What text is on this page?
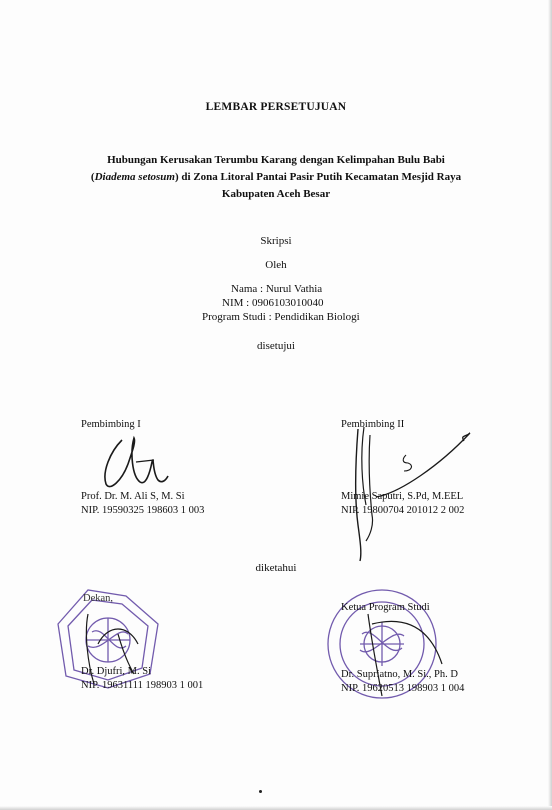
LEMBAR PERSETUJUAN
Hubungan Kerusakan Terumbu Karang dengan Kelimpahan Bulu Babi
(Diadema setosum) di Zona Litoral Pantai Pasir Putih Kecamatan Mesjid Raya
Kabupaten Aceh Besar
Skripsi
Oleh
Nama : Nurul Vathia
NIM : 0906103010040
Program Studi : Pendidikan Biologi
disetujui
Pembimbing I
Prof. Dr. M. Ali S, M. Si
NIP. 19590325 198603 1 003
Pembimbing II
Mimie Saputri, S.Pd, M.EEL
NIP. 19800704 201012 2 002
diketahui
Dekan,
Dr. Djufri, M. Si
NIP. 19631111 198903 1 001
Ketua Program Studi
Dr. Supriatno, M. Si., Ph. D
NIP. 19620513 198903 1 004
